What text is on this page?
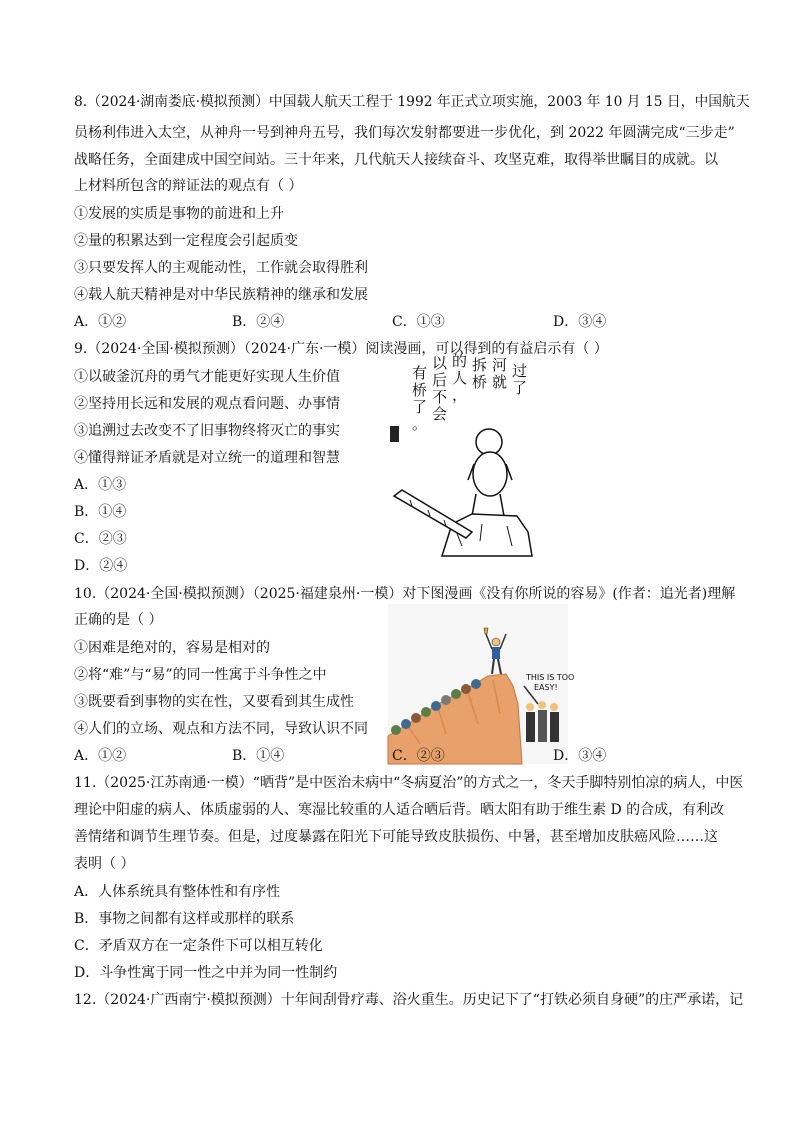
8.（2024·湖南娄底·模拟预测）中国载人航天工程于 1992 年正式立项实施，2003 年 10 月 15 日，中国航天
员杨利伟进入太空，从神舟一号到神舟五号，我们每次发射都要进一步优化，到 2022 年圆满完成“三步走”
战略任务，全面建成中国空间站。三十年来，几代航天人接续奋斗、攻坚克难，取得举世瞩目的成就。以
上材料所包含的辩证法的观点有（ ）
①发展的实质是事物的前进和上升
②量的积累达到一定程度会引起质变
③只要发挥人的主观能动性，工作就会取得胜利
④载人航天精神是对中华民族精神的继承和发展
A．①②	B．②④	C．①③	D．③④
9.（2024·全国·模拟预测）（2024·广东·一模）阅读漫画，可以得到的有益启示有（ ）
①以破釜沉舟的勇气才能更好实现人生价值
②坚持用长远和发展的观点看问题、办事情
③追溯过去改变不了旧事物终将灭亡的事实
④懂得辩证矛盾就是对立统一的道理和智慧
A．①③
B．①④
C．②③
D．②④
过了
河就
拆桥
的人，
以后不会
有桥了。
10.（2024·全国·模拟预测）（2025·福建泉州·一模）对下图漫画《没有你所说的容易》(作者：追光者)理解
正确的是（ ）
①困难是绝对的，容易是相对的
②将“难”与“易”的同一性寓于斗争性之中
③既要看到事物的实在性，又要看到其生成性
④人们的立场、观点和方法不同，导致认识不同
THIS IS TOO
EASY!
A．①②	B．①④	C．②③	D．③④
11.（2025·江苏南通·一模）“晒背”是中医治未病中“冬病夏治”的方式之一，冬天手脚特别怕凉的病人，中医
理论中阳虚的病人、体质虚弱的人、寒湿比较重的人适合晒后背。晒太阳有助于维生素 D 的合成，有利改
善情绪和调节生理节奏。但是，过度暴露在阳光下可能导致皮肤损伤、中暑，甚至增加皮肤癌风险……这
表明（ ）
A．人体系统具有整体性和有序性
B．事物之间都有这样或那样的联系
C．矛盾双方在一定条件下可以相互转化
D．斗争性寓于同一性之中并为同一性制约
12.（2024·广西南宁·模拟预测）十年间刮骨疗毒、浴火重生。历史记下了“打铁必须自身硬”的庄严承诺，记
